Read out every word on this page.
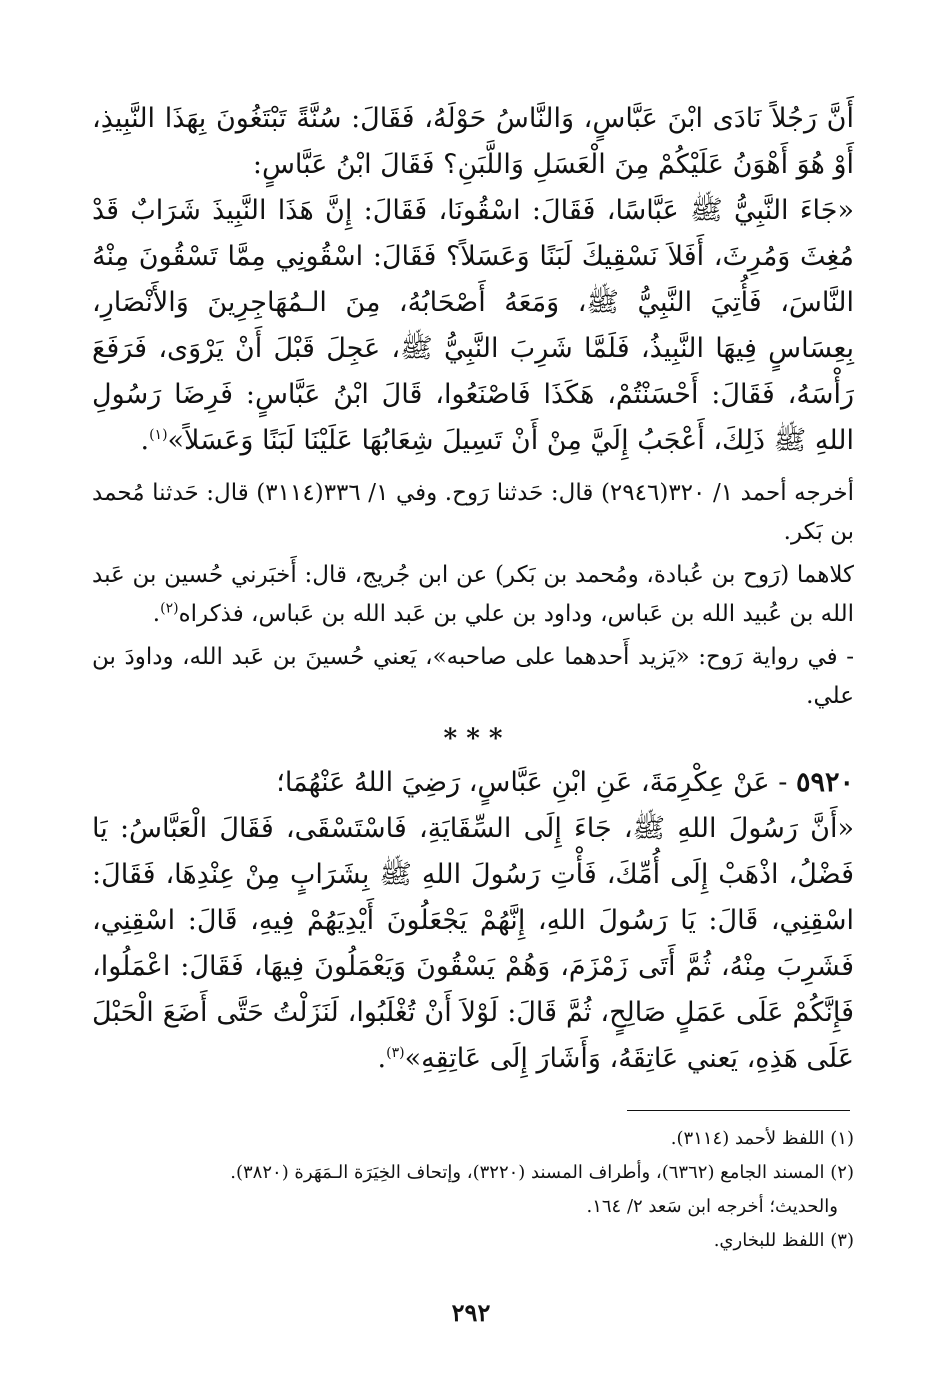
أَنَّ رَجُلاً نَادَى ابْنَ عَبَّاسٍ، وَالنَّاسُ حَوْلَهُ، فَقَالَ: سُنَّةً تَبْتَغُونَ بِهَذَا النَّبِيذِ، أَوْ هُوَ أَهْوَنُ عَلَيْكُمْ مِنَ الْعَسَلِ وَاللَّبَنِ؟ فَقَالَ ابْنُ عَبَّاسٍ:

«جَاءَ النَّبِيُّ ﷺ عَبَّاسًا، فَقَالَ: اسْقُونَا، فَقَالَ: إِنَّ هَذَا النَّبِيذَ شَرَابٌ قَدْ مُغِثَ وَمُرِثَ، أَفَلاَ نَسْقِيكَ لَبَنًا وَعَسَلاً؟ فَقَالَ: اسْقُونِي مِمَّا تَسْقُونَ مِنْهُ النَّاسَ، فَأُتِيَ النَّبِيُّ ﷺ، وَمَعَهُ أَصْحَابُهُ، مِنَ الـمُهَاجِرِينَ وَالأَنْصَارِ، بِعِسَاسٍ فِيهَا النَّبِيذُ، فَلَمَّا شَرِبَ النَّبِيُّ ﷺ، عَجِلَ قَبْلَ أَنْ يَرْوَى، فَرَفَعَ رَأْسَهُ، فَقَالَ: أَحْسَنْتُمْ، هَكَذَا فَاصْنَعُوا، قَالَ ابْنُ عَبَّاسٍ: فَرِضَا رَسُولِ اللهِ ﷺ ذَلِكَ، أَعْجَبُ إِلَيَّ مِنْ أَنْ تَسِيلَ شِعَابُهَا عَلَيْنَا لَبَنًا وَعَسَلاً»$^{(١)}$.

أخرجه أحمد ١/ ٣٢٠(٢٩٤٦) قال: حَدثنا رَوح. وفي ١/ ٣٣٦(٣١١٤) قال: حَدثنا مُحمد بن بَكر.

كلاهما (رَوح بن عُبادة، ومُحمد بن بَكر) عن ابن جُريج، قال: أَخبَرني حُسين بن عَبد الله بن عُبيد الله بن عَباس، وداود بن علي بن عَبد الله بن عَباس، فذكراه$^{(٢)}$.

- في رواية رَوح: «يَزيد أَحدهما على صاحبه»، يَعني حُسينَ بن عَبد الله، وداودَ بن علي.

* * *

٥٩٢٠ - عَنْ عِكْرِمَةَ، عَنِ ابْنِ عَبَّاسٍ، رَضِيَ اللهُ عَنْهُمَا؛

«أَنَّ رَسُولَ اللهِ ﷺ، جَاءَ إِلَى السِّقَايَةِ، فَاسْتَسْقَى، فَقَالَ الْعَبَّاسُ: يَا فَضْلُ، اذْهَبْ إِلَى أُمِّكَ، فَأْتِ رَسُولَ اللهِ ﷺ بِشَرَابٍ مِنْ عِنْدِهَا، فَقَالَ: اسْقِنِي، قَالَ: يَا رَسُولَ اللهِ، إِنَّهُمْ يَجْعَلُونَ أَيْدِيَهُمْ فِيهِ، قَالَ: اسْقِنِي، فَشَرِبَ مِنْهُ، ثُمَّ أَتَى زَمْزَمَ، وَهُمْ يَسْقُونَ وَيَعْمَلُونَ فِيهَا، فَقَالَ: اعْمَلُوا، فَإِنَّكُمْ عَلَى عَمَلٍ صَالِحٍ، ثُمَّ قَالَ: لَوْلاَ أَنْ تُغْلَبُوا، لَنَزَلْتُ حَتَّى أَضَعَ الْحَبْلَ عَلَى هَذِهِ، يَعني عَاتِقَهُ، وَأَشَارَ إِلَى عَاتِقِهِ»$^{(٣)}$.

(١) اللفظ لأحمد (٣١١٤).
(٢) المسند الجامع (٦٣٦٢)، وأطراف المسند (٣٢٢٠)، وإتحاف الخِيَرَة الـمَهَرة (٣٨٢٠).
والحديث؛ أخرجه ابن سَعد ٢/ ١٦٤.
(٣) اللفظ للبخاري.
٢٩٢
